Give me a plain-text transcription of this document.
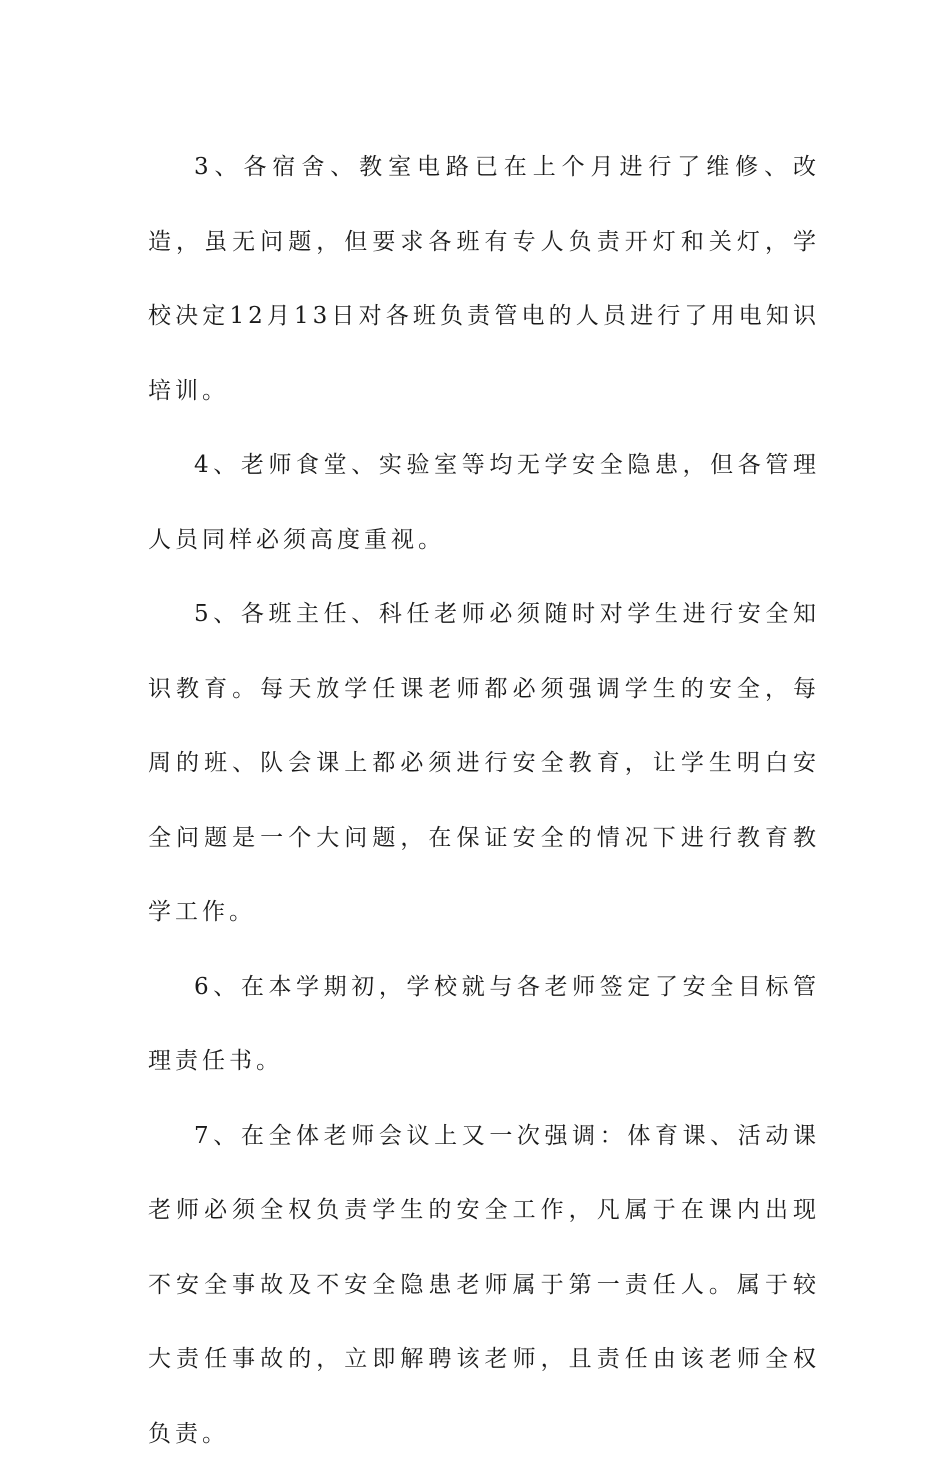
3、各宿舍、教室电路已在上个月进行了维修、改造，虽无问题，但要求各班有专人负责开灯和关灯，学校决定12月13日对各班负责管电的人员进行了用电知识培训。

4、老师食堂、实验室等均无学安全隐患，但各管理人员同样必须高度重视。

5、各班主任、科任老师必须随时对学生进行安全知识教育。每天放学任课老师都必须强调学生的安全，每周的班、队会课上都必须进行安全教育，让学生明白安全问题是一个大问题，在保证安全的情况下进行教育教学工作。

6、在本学期初，学校就与各老师签定了安全目标管理责任书。

7、在全体老师会议上又一次强调：体育课、活动课老师必须全权负责学生的安全工作，凡属于在课内出现不安全事故及不安全隐患老师属于第一责任人。属于较大责任事故的，立即解聘该老师，且责任由该老师全权负责。
